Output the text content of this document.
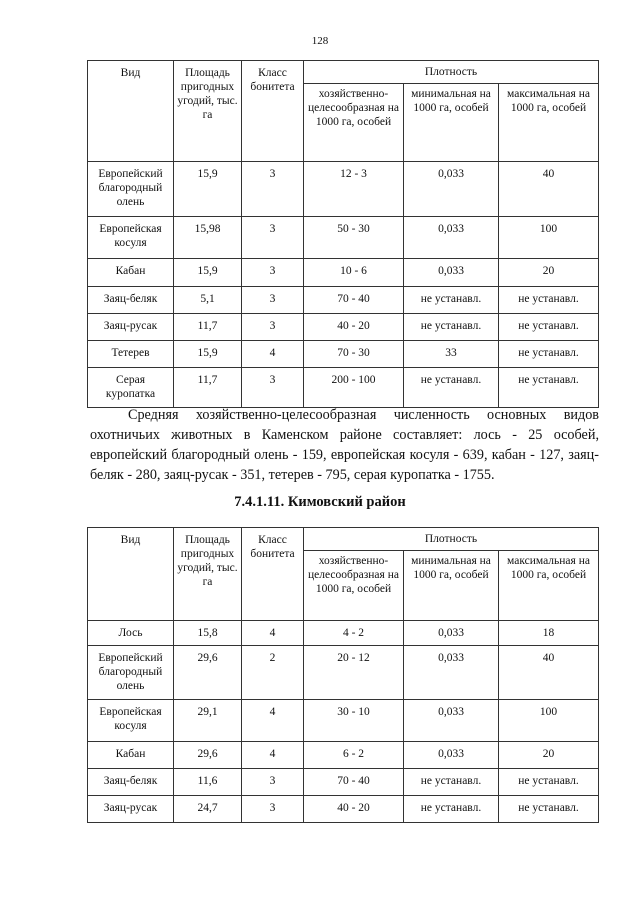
128
Вид	Площадь пригодных угодий, тыс. га	Класс бонитета	Плотность		
			хозяйственно-целесообразная на 1000 га, особей	минимальная на 1000 га, особей	максимальная на 1000 га, особей
Европейский благородный олень	15,9	3	12 - 3	0,033	40
Европейская косуля	15,98	3	50 - 30	0,033	100
Кабан	15,9	3	10 - 6	0,033	20
Заяц-беляк	5,1	3	70 - 40	не устанавл.	не устанавл.
Заяц-русак	11,7	3	40 - 20	не устанавл.	не устанавл.
Тетерев	15,9	4	70 - 30	33	не устанавл.
Серая куропатка	11,7	3	200 - 100	не устанавл.	не устанавл.

Средняя хозяйственно-целесообразная численность основных видов охотничьих животных в Каменском районе составляет: лось - 25 особей, европейский благородный олень - 159, европейская косуля - 639, кабан - 127, заяц-беляк - 280, заяц-русак - 351, тетерев - 795, серая куропатка - 1755.

7.4.1.11. Кимовский район
Вид	Площадь пригодных угодий, тыс. га	Класс бонитета	Плотность		
			хозяйственно-целесообразная на 1000 га, особей	минимальная на 1000 га, особей	максимальная на 1000 га, особей
Лось	15,8	4	4 - 2	0,033	18
Европейский благородный олень	29,6	2	20 - 12	0,033	40
Европейская косуля	29,1	4	30 - 10	0,033	100
Кабан	29,6	4	6 - 2	0,033	20
Заяц-беляк	11,6	3	70 - 40	не устанавл.	не устанавл.
Заяц-русак	24,7	3	40 - 20	не устанавл.	не устанавл.
